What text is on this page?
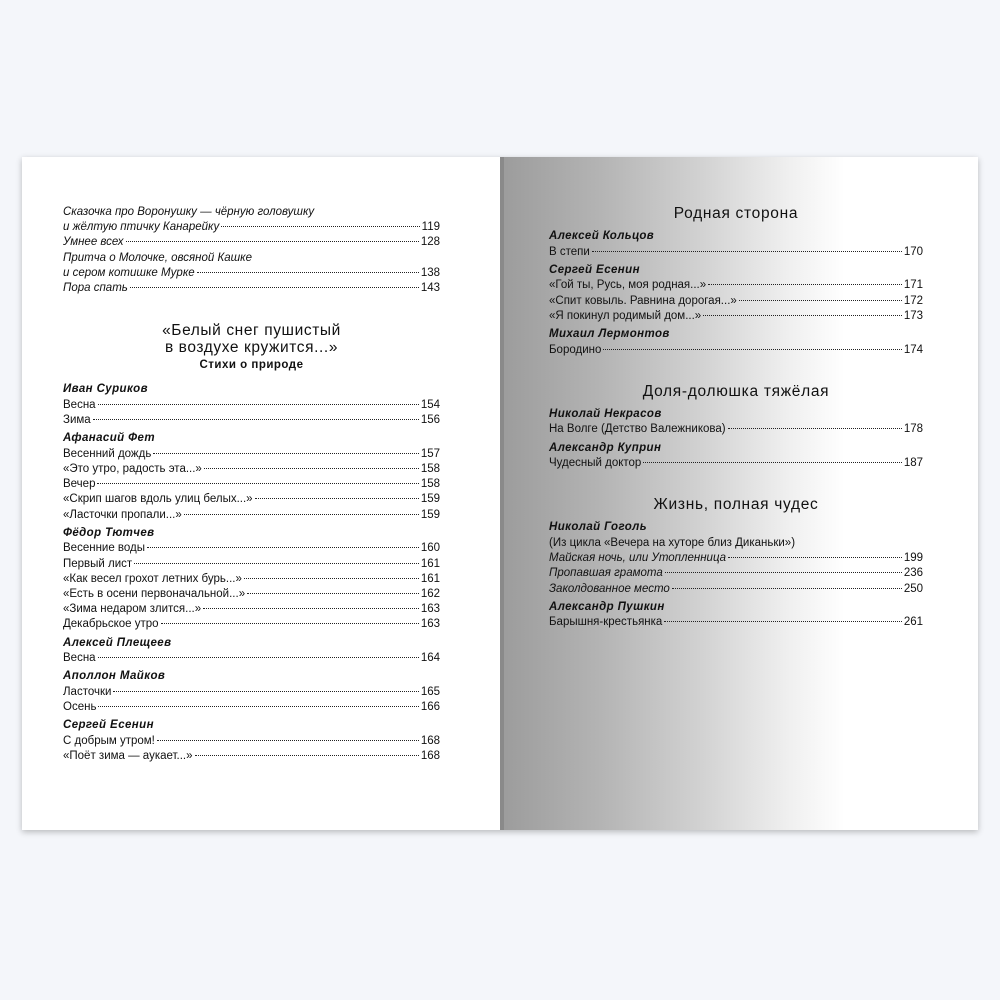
Сказочка про Воронушку — чёрную головушку
и жёлтую птичку Канарейку	119
Умнее всех	128
Притча о Молочке, овсяной Кашке
и сером котишке Мурке	138
Пора спать	143
«Белый снег пушистый
в воздухе кружится...»
Стихи о природе
Иван Суриков
Весна	154
Зима	156
Афанасий Фет
Весенний дождь	157
«Это утро, радость эта...»	158
Вечер	158
«Скрип шагов вдоль улиц белых...»	159
«Ласточки пропали...»	159
Фёдор Тютчев
Весенние воды	160
Первый лист	161
«Как весел грохот летних бурь...»	161
«Есть в осени первоначальной...»	162
«Зима недаром злится...»	163
Декабрьское утро	163
Алексей Плещеев
Весна	164
Аполлон Майков
Ласточки	165
Осень	166
Сергей Есенин
С добрым утром!	168
«Поёт зима — аукает...»	168
Родная сторона
Алексей Кольцов
В степи	170
Сергей Есенин
«Гой ты, Русь, моя родная...»	171
«Спит ковыль. Равнина дорогая...»	172
«Я покинул родимый дом...»	173
Михаил Лермонтов
Бородино	174
Доля-долюшка тяжёлая
Николай Некрасов
На Волге (Детство Валежникова)	178
Александр Куприн
Чудесный доктор	187
Жизнь, полная чудес
Николай Гоголь
(Из цикла «Вечера на хуторе близ Диканьки»)
Майская ночь, или Утопленница	199
Пропавшая грамота	236
Заколдованное место	250
Александр Пушкин
Барышня-крестьянка	261
